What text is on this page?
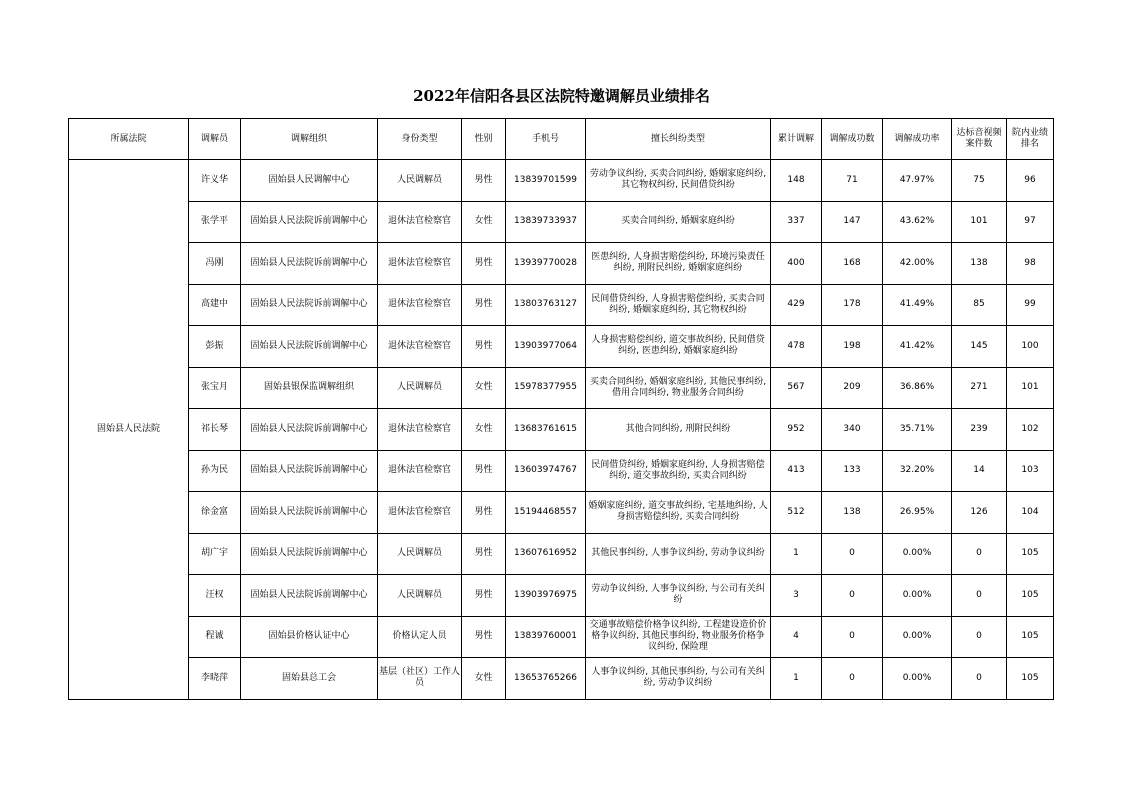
2022年信阳各县区法院特邀调解员业绩排名
所属法院	调解员	调解组织	身份类型	性别	手机号	擅长纠纷类型	累计调解	调解成功数	调解成功率	达标音视频案件数	院内业绩排名
固始县人民法院	许义华	固始县人民调解中心	人民调解员	男性	13839701599	劳动争议纠纷, 买卖合同纠纷, 婚姻家庭纠纷, 其它物权纠纷, 民间借贷纠纷	148	71	47.97%	75	96
	张学平	固始县人民法院诉前调解中心	退休法官检察官	女性	13839733937	买卖合同纠纷, 婚姻家庭纠纷	337	147	43.62%	101	97
	冯刚	固始县人民法院诉前调解中心	退休法官检察官	男性	13939770028	医患纠纷, 人身损害赔偿纠纷, 环境污染责任纠纷, 刑附民纠纷, 婚姻家庭纠纷	400	168	42.00%	138	98
	高建中	固始县人民法院诉前调解中心	退休法官检察官	男性	13803763127	民间借贷纠纷, 人身损害赔偿纠纷, 买卖合同纠纷, 婚姻家庭纠纷, 其它物权纠纷	429	178	41.49%	85	99
	彭振	固始县人民法院诉前调解中心	退休法官检察官	男性	13903977064	人身损害赔偿纠纷, 道交事故纠纷, 民间借贷纠纷, 医患纠纷, 婚姻家庭纠纷	478	198	41.42%	145	100
	张宝月	固始县银保监调解组织	人民调解员	女性	15978377955	买卖合同纠纷, 婚姻家庭纠纷, 其他民事纠纷, 借用合同纠纷, 物业服务合同纠纷	567	209	36.86%	271	101
	祁长琴	固始县人民法院诉前调解中心	退休法官检察官	女性	13683761615	其他合同纠纷, 刑附民纠纷	952	340	35.71%	239	102
	孙为民	固始县人民法院诉前调解中心	退休法官检察官	男性	13603974767	民间借贷纠纷, 婚姻家庭纠纷, 人身损害赔偿纠纷, 道交事故纠纷, 买卖合同纠纷	413	133	32.20%	14	103
	徐金富	固始县人民法院诉前调解中心	退休法官检察官	男性	15194468557	婚姻家庭纠纷, 道交事故纠纷, 宅基地纠纷, 人身损害赔偿纠纷, 买卖合同纠纷	512	138	26.95%	126	104
	胡广宇	固始县人民法院诉前调解中心	人民调解员	男性	13607616952	其他民事纠纷, 人事争议纠纷, 劳动争议纠纷	1	0	0.00%	0	105
	汪权	固始县人民法院诉前调解中心	人民调解员	男性	13903976975	劳动争议纠纷, 人事争议纠纷, 与公司有关纠纷	3	0	0.00%	0	105
	程诚	固始县价格认证中心	价格认定人员	男性	13839760001	交通事故赔偿价格争议纠纷, 工程建设造价价格争议纠纷, 其他民事纠纷, 物业服务价格争议纠纷, 保险理	4	0	0.00%	0	105
	李晓萍	固始县总工会	基层（社区）工作人员	女性	13653765266	人事争议纠纷, 其他民事纠纷, 与公司有关纠纷, 劳动争议纠纷	1	0	0.00%	0	105
